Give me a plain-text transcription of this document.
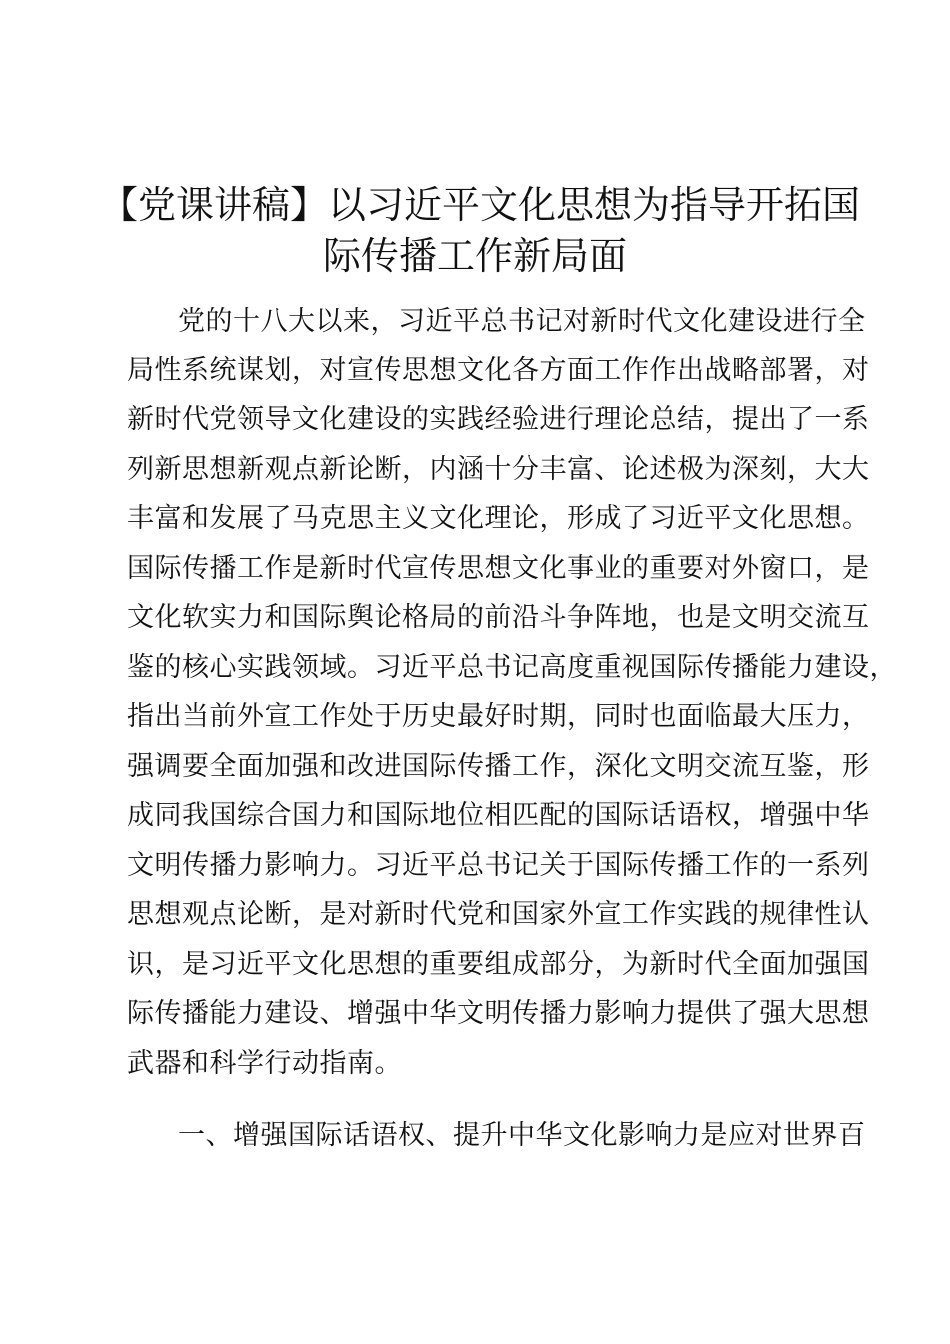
【党课讲稿】以习近平文化思想为指导开拓国
际传播工作新局面

党的十八大以来，习近平总书记对新时代文化建设进行全

局性系统谋划，对宣传思想文化各方面工作作出战略部署，对

新时代党领导文化建设的实践经验进行理论总结，提出了一系

列新思想新观点新论断，内涵十分丰富、论述极为深刻，大大

丰富和发展了马克思主义文化理论，形成了习近平文化思想。

国际传播工作是新时代宣传思想文化事业的重要对外窗口，是

文化软实力和国际舆论格局的前沿斗争阵地，也是文明交流互

鉴的核心实践领域。习近平总书记高度重视国际传播能力建设，

指出当前外宣工作处于历史最好时期，同时也面临最大压力，

强调要全面加强和改进国际传播工作，深化文明交流互鉴，形

成同我国综合国力和国际地位相匹配的国际话语权，增强中华

文明传播力影响力。习近平总书记关于国际传播工作的一系列

思想观点论断，是对新时代党和国家外宣工作实践的规律性认

识，是习近平文化思想的重要组成部分，为新时代全面加强国

际传播能力建设、增强中华文明传播力影响力提供了强大思想

武器和科学行动指南。

一、增强国际话语权、提升中华文化影响力是应对世界百
